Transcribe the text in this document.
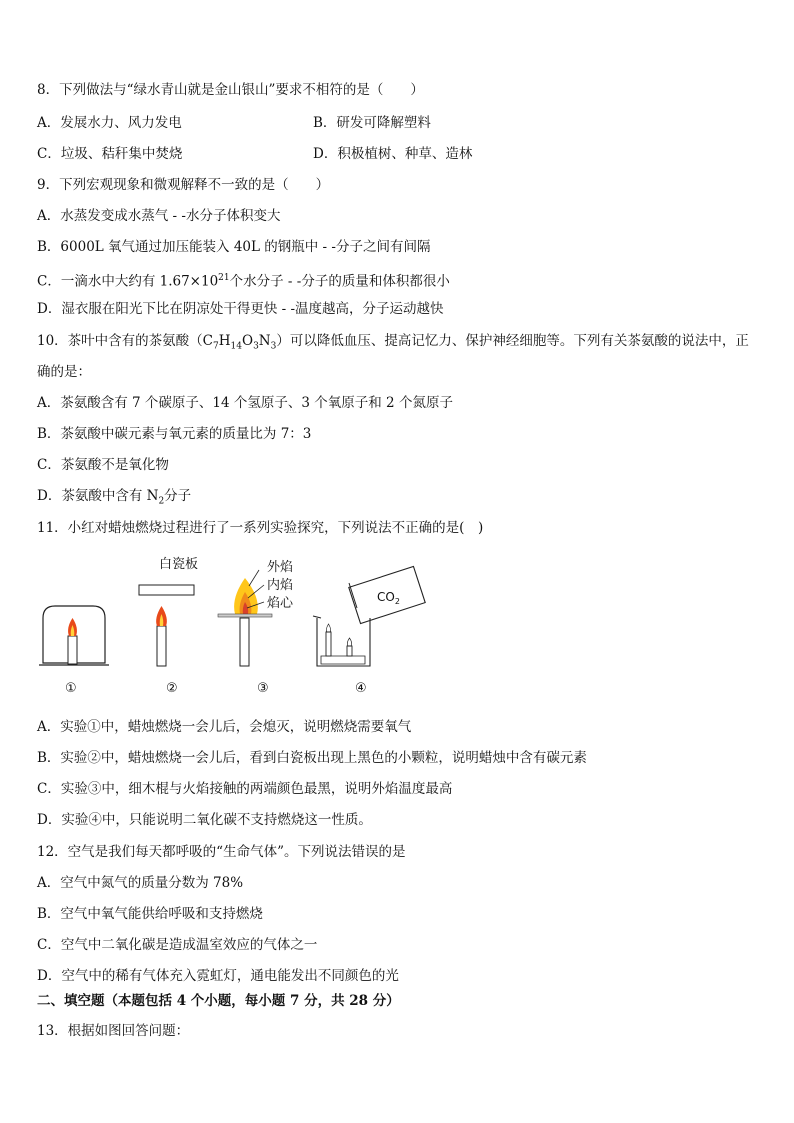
8．下列做法与“绿水青山就是金山银山”要求不相符的是（　　）
A．发展水力、风力发电	B．研发可降解塑料
C．垃圾、秸秆集中焚烧	D．积极植树、种草、造林
9．下列宏观现象和微观解释不一致的是（　　）
A．水蒸发变成水蒸气 - -水分子体积变大
B．6000L 氧气通过加压能装入 40L 的钢瓶中 - -分子之间有间隔
C．一滴水中大约有 $1.67\times 10^{21}$个水分子 - -分子的质量和体积都很小
D．湿衣服在阳光下比在阴凉处干得更快 - -温度越高，分子运动越快
10．茶叶中含有的茶氨酸$(C_7H_{14}O_3N_3)$可以降低血压、提高记忆力、保护神经细胞等。下列有关茶氨酸的说法中，正
确的是：
A．茶氨酸含有 7 个碳原子、14 个氢原子、3 个氧原子和 2 个氮原子
B．茶氨酸中碳元素与氧元素的质量比为 7：3
C．茶氨酸不是氧化物
D．茶氨酸中含有 $N_2$分子
11．小红对蜡烛燃烧过程进行了一系列实验探究，下列说法不正确的是(　)
白瓷板	外焰
内焰
焰心	$CO_2$
①	②	③	④
A．实验①中，蜡烛燃烧一会儿后，会熄灭，说明燃烧需要氧气
B．实验②中，蜡烛燃烧一会儿后，看到白瓷板出现上黑色的小颗粒，说明蜡烛中含有碳元素
C．实验③中，细木棍与火焰接触的两端颜色最黑，说明外焰温度最高
D．实验④中，只能说明二氧化碳不支持燃烧这一性质。
12．空气是我们每天都呼吸的“生命气体”。下列说法错误的是
A．空气中氮气的质量分数为 78%
B．空气中氧气能供给呼吸和支持燃烧
C．空气中二氧化碳是造成温室效应的气体之一
D．空气中的稀有气体充入霓虹灯，通电能发出不同颜色的光
二、填空题（本题包括 4 个小题，每小题 7 分，共 28 分）
13．根据如图回答问题：
